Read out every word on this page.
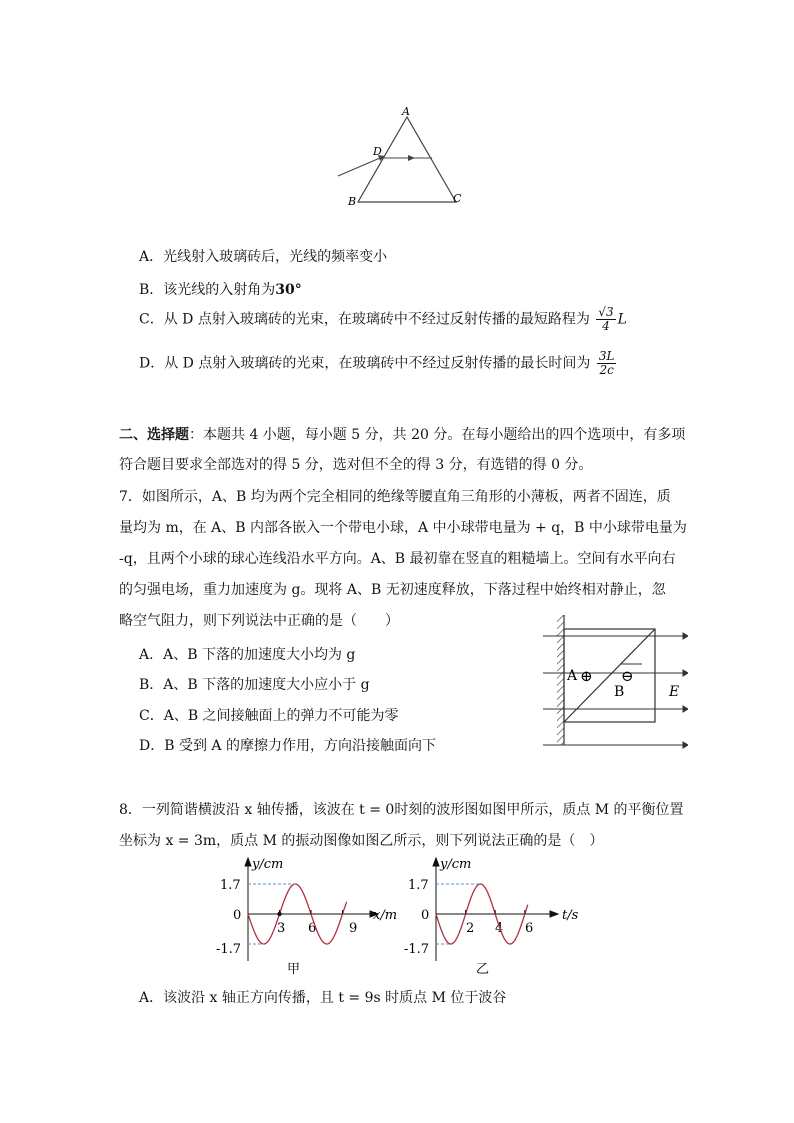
A
D
B	C
A．光线射入玻璃砖后，光线的频率变小
B．该光线的入射角为30°
C．从 D 点射入玻璃砖的光束，在玻璃砖中不经过反射传播的最短路程为 $\frac{√3}{4}$ L
D．从 D 点射入玻璃砖的光束，在玻璃砖中不经过反射传播的最长时间为 $\frac{3L}{2c}$
二、选择题：本题共 4 小题，每小题 5 分，共 20 分。在每小题给出的四个选项中，有多项
符合题目要求全部选对的得 5 分，选对但不全的得 3 分，有选错的得 0 分。
7．如图所示，A、B 均为两个完全相同的绝缘等腰直角三角形的小薄板，两者不固连，质
量均为 m，在 A、B 内部各嵌入一个带电小球，A 中小球带电量为 + q，B 中小球带电量为
-q，且两个小球的球心连线沿水平方向。A、B 最初靠在竖直的粗糙墙上。空间有水平向右
的匀强电场，重力加速度为 g。现将 A、B 无初速度释放，下落过程中始终相对静止，忽
略空气阻力，则下列说法中正确的是（　　）
A．A、B 下落的加速度大小均为 g
B．A、B 下落的加速度大小应小于 g
C．A、B 之间接触面上的弹力不可能为零
D．B 受到 A 的摩擦力作用，方向沿接触面向下
A ⊕ ⊖
B	E
8．一列简谐横波沿 x 轴传播，该波在 t = 0时刻的波形图如图甲所示，质点 M 的平衡位置
坐标为 x = 3m，质点 M 的振动图像如图乙所示，则下列说法正确的是（　）
y/cm
x/m
1.7
0
-1.7
3 6	9
甲
y/cm
t/s
1.7
0
-1.7
2 4 6
乙
A．该波沿 x 轴正方向传播，且 t = 9s 时质点 M 位于波谷
